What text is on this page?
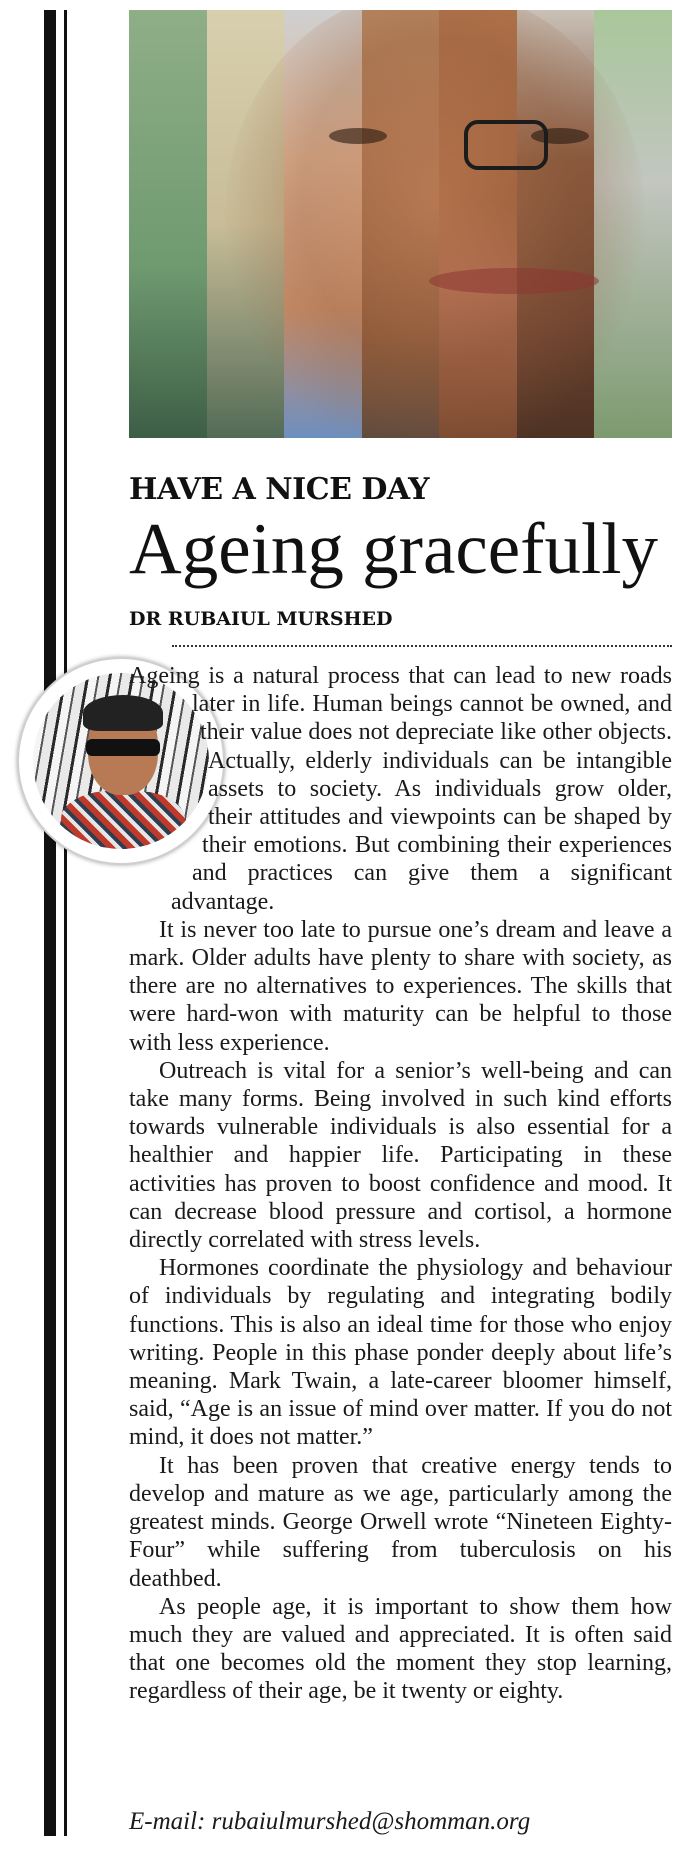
HAVE A NICE DAY
Ageing gracefully
DR RUBAIUL MURSHED

Ageing is a natural process that can lead to new roads later in life. Human beings cannot be owned, and their value does not depreciate like other objects. Actually, elderly individuals can be intangible assets to society. As individuals grow older, their attitudes and viewpoints can be shaped by their emotions. But combining their experiences and practices can give them a significant advantage.

It is never too late to pursue one’s dream and leave a mark. Older adults have plenty to share with society, as there are no alternatives to experiences. The skills that were hard-won with maturity can be helpful to those with less experience.

Outreach is vital for a senior’s well-being and can take many forms. Being involved in such kind efforts towards vulnerable individuals is also essential for a healthier and happier life. Participating in these activities has proven to boost confidence and mood. It can decrease blood pressure and cortisol, a hormone directly correlated with stress levels.

Hormones coordinate the physiology and behaviour of individuals by regulating and integrating bodily functions. This is also an ideal time for those who enjoy writing. People in this phase ponder deeply about life’s meaning. Mark Twain, a late-career bloomer himself, said, “Age is an issue of mind over matter. If you do not mind, it does not matter.”

It has been proven that creative energy tends to develop and mature as we age, particularly among the greatest minds. George Orwell wrote “Nineteen Eighty-Four” while suffering from tuberculosis on his deathbed.

As people age, it is important to show them how much they are valued and appreciated. It is often said that one becomes old the moment they stop learning, regardless of their age, be it twenty or eighty.

E-mail: rubaiulmurshed@shomman.org
